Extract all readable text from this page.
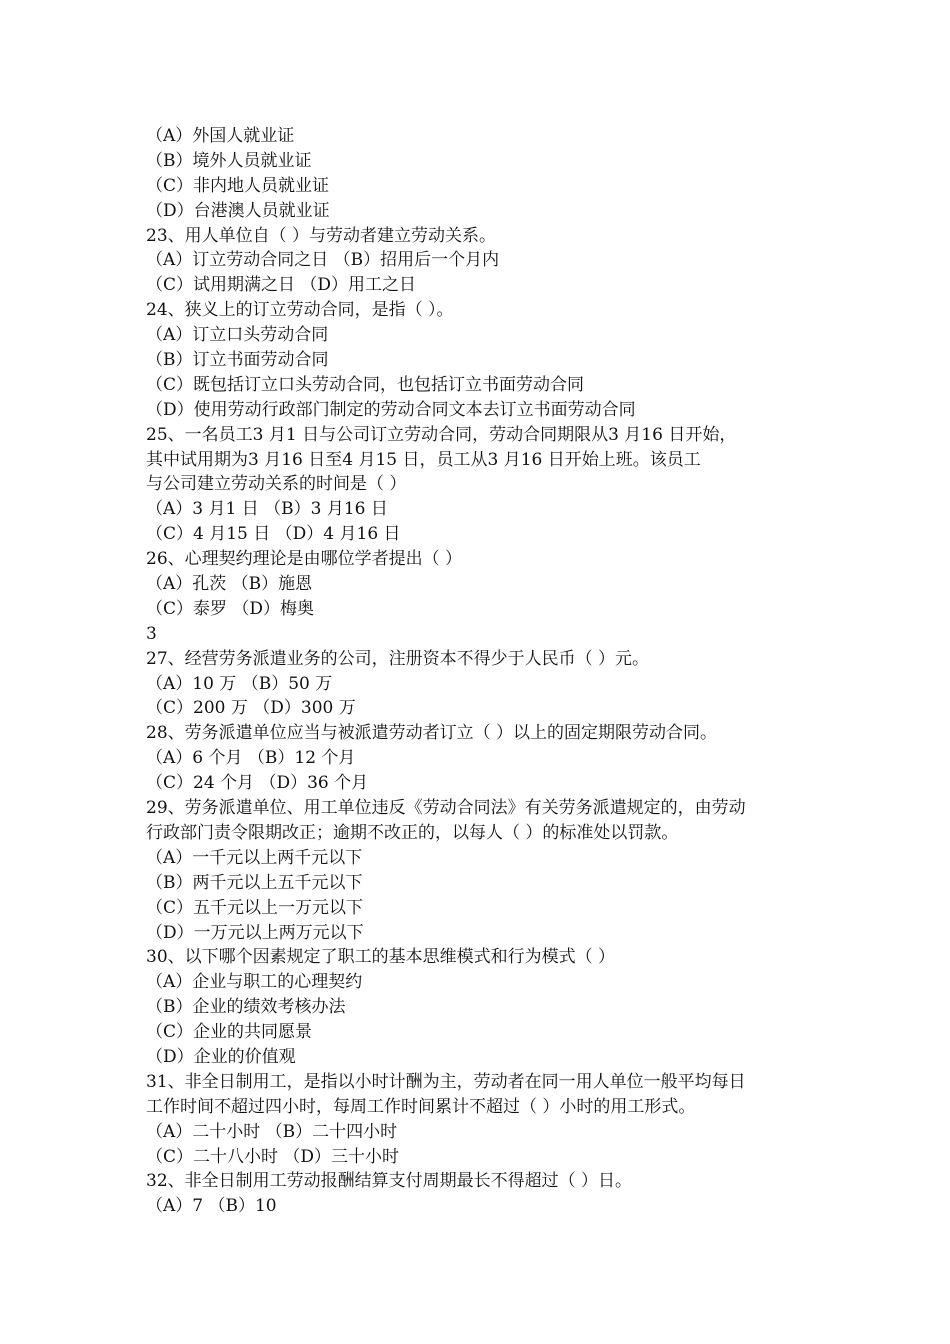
（A）外国人就业证

（B）境外人员就业证

（C）非内地人员就业证

（D）台港澳人员就业证

23、用人单位自（ ）与劳动者建立劳动关系。

（A）订立劳动合同之日 （B）招用后一个月内

（C）试用期满之日 （D）用工之日

24、狭义上的订立劳动合同，是指（ ）。

（A）订立口头劳动合同

（B）订立书面劳动合同

（C）既包括订立口头劳动合同，也包括订立书面劳动合同

（D）使用劳动行政部门制定的劳动合同文本去订立书面劳动合同

25、一名员工3 月1 日与公司订立劳动合同，劳动合同期限从3 月16 日开始，

其中试用期为3 月16 日至4 月15 日，员工从3 月16 日开始上班。该员工

与公司建立劳动关系的时间是（ ）

（A）3 月1 日 （B）3 月16 日

（C）4 月15 日 （D）4 月16 日

26、心理契约理论是由哪位学者提出（ ）

（A）孔茨 （B）施恩

（C）泰罗 （D）梅奥

3

27、经营劳务派遣业务的公司，注册资本不得少于人民币（ ）元。

（A）10 万 （B）50 万

（C）200 万 （D）300 万

28、劳务派遣单位应当与被派遣劳动者订立（ ）以上的固定期限劳动合同。

（A）6 个月 （B）12 个月

（C）24 个月 （D）36 个月

29、劳务派遣单位、用工单位违反《劳动合同法》有关劳务派遣规定的，由劳动

行政部门责令限期改正；逾期不改正的，以每人（ ）的标准处以罚款。

（A）一千元以上两千元以下

（B）两千元以上五千元以下

（C）五千元以上一万元以下

（D）一万元以上两万元以下

30、以下哪个因素规定了职工的基本思维模式和行为模式（ ）

（A）企业与职工的心理契约

（B）企业的绩效考核办法

（C）企业的共同愿景

（D）企业的价值观

31、非全日制用工，是指以小时计酬为主，劳动者在同一用人单位一般平均每日

工作时间不超过四小时，每周工作时间累计不超过（ ）小时的用工形式。

（A）二十小时 （B）二十四小时

（C）二十八小时 （D）三十小时

32、非全日制用工劳动报酬结算支付周期最长不得超过（ ）日。

（A）7 （B）10
